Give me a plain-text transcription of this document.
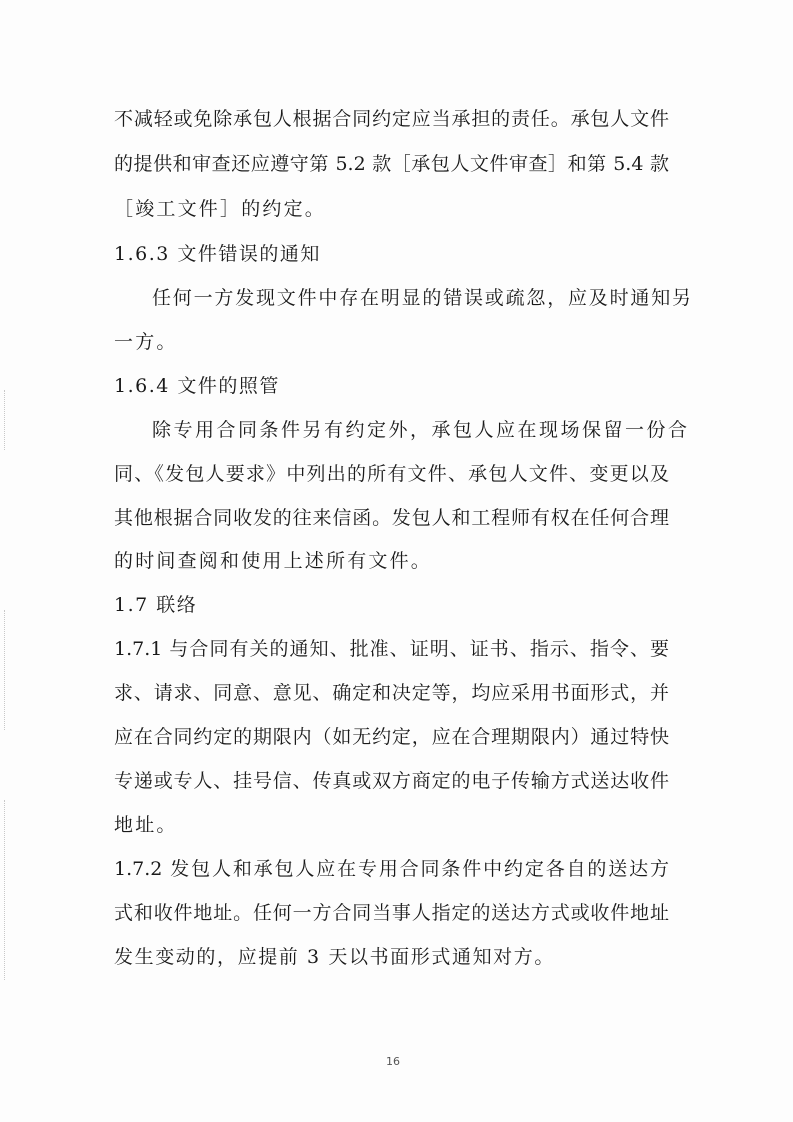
不减轻或免除承包人根据合同约定应当承担的责任。承包人文件
的提供和审查还应遵守第 5.2 款［承包人文件审查］和第 5.4 款
［竣工文件］的约定。
1.6.3 文件错误的通知
任何一方发现文件中存在明显的错误或疏忽，应及时通知另
一方。
1.6.4 文件的照管
除专用合同条件另有约定外，承包人应在现场保留一份合
同、《发包人要求》中列出的所有文件、承包人文件、变更以及
其他根据合同收发的往来信函。发包人和工程师有权在任何合理
的时间查阅和使用上述所有文件。
1.7 联络
1.7.1 与合同有关的通知、批准、证明、证书、指示、指令、要
求、请求、同意、意见、确定和决定等，均应采用书面形式，并
应在合同约定的期限内（如无约定，应在合理期限内）通过特快
专递或专人、挂号信、传真或双方商定的电子传输方式送达收件
地址。
1.7.2 发包人和承包人应在专用合同条件中约定各自的送达方
式和收件地址。任何一方合同当事人指定的送达方式或收件地址
发生变动的，应提前 3 天以书面形式通知对方。
16
